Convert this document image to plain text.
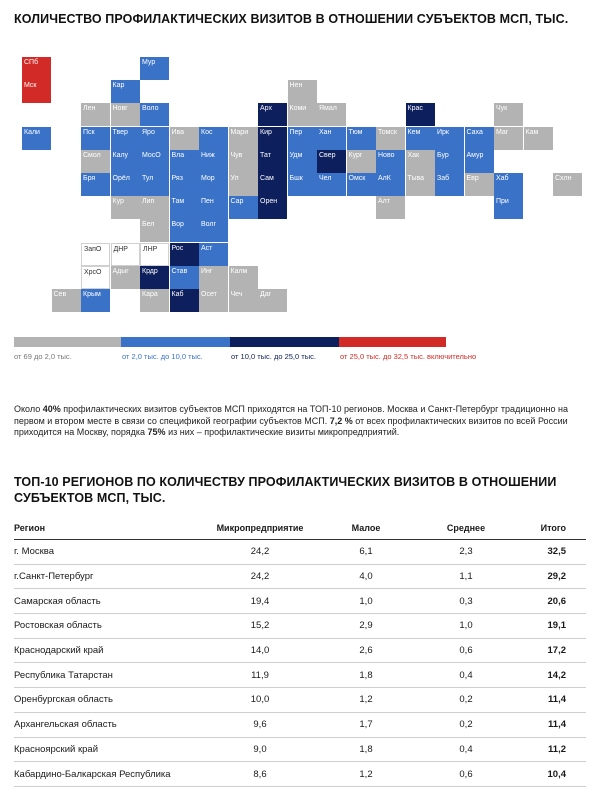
КОЛИЧЕСТВО ПРОФИЛАКТИЧЕСКИХ ВИЗИТОВ В ОТНОШЕНИИ СУБЪЕКТОВ МСП, ТЫС.
СПб
Мск
Мур
Кар	Нен
Лен	Новг	Воло	Арх	Коми	Ямал	Крас	Чук
Кали	Пск	Твер	Яро	Ива	Кос	Мари	Кир	Пер	Хан	Тюм	Томск	Кем	Ирк	Саха	Маг	Кам
Смол	Калу	МосО	Вла	Ниж	Чув	Тат	Удм	Свер	Кург	Ново	Хак	Бур	Амур
Бря	Орёл	Тул	Ряз	Мор	Ул	Сам	Бшк	Чел	Омск	АлК	Тыва	Заб	Евр	Хаб	Схлн
Кур	Лип	Там	Пен	Сар	Орен	Алт	При
Бел	Вор	Волг
ЗапО	ДНР	ЛНР	Рос	Аст
ХрсО	Адыг	Крдр	Став	Инг	Калм
Сев	Крым	Кара	Каб	Осет	Чеч	Даг
от 69 до 2,0 тыс.	от 2,0 тыс. до 10,0 тыс.	от 10,0 тыс. до 25,0 тыс.	от 25,0 тыс. до 32,5 тыс. включительно
Около 40% профилактических визитов субъектов МСП приходятся на ТОП-10 регионов. Москва и Санкт-Петербург традиционно на первом и втором месте в связи со спецификой географии субъектов МСП. 7,2 % от всех профилактических визитов по всей России приходится на Москву, порядка 75% из них – профилактические визиты микропредприятий.
ТОП-10 РЕГИОНОВ ПО КОЛИЧЕСТВУ ПРОФИЛАКТИЧЕСКИХ ВИЗИТОВ В ОТНОШЕНИИ
СУБЪЕКТОВ МСП, ТЫС.
Регион	Микропредприятие	Малое	Среднее	Итого
г. Москва	24,2	6,1	2,3	32,5
г.Санкт-Петербург	24,2	4,0	1,1	29,2
Самарская область	19,4	1,0	0,3	20,6
Ростовская область	15,2	2,9	1,0	19,1
Краснодарский край	14,0	2,6	0,6	17,2
Республика Татарстан	11,9	1,8	0,4	14,2
Оренбургская область	10,0	1,2	0,2	11,4
Архангельская область	9,6	1,7	0,2	11,4
Красноярский край	9,0	1,8	0,4	11,2
Кабардино-Балкарская Республика	8,6	1,2	0,6	10,4
